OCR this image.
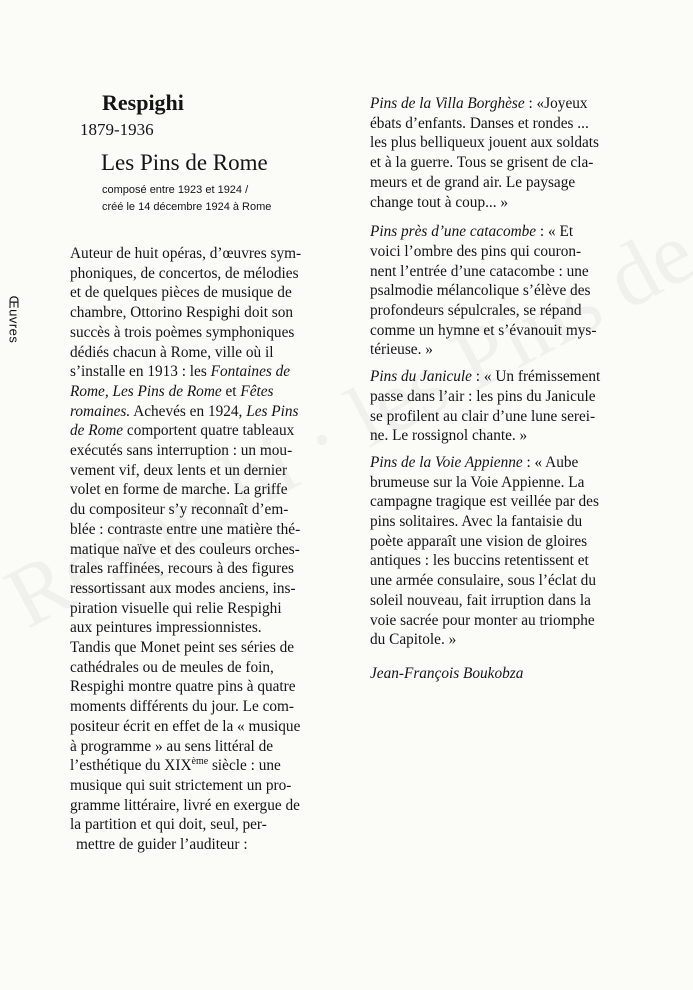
Œuvres
Respighi
1879-1936
Les Pins de Rome
composé entre 1923 et 1924 /
créé le 14 décembre 1924 à Rome
Auteur de huit opéras, d’œuvres sym-
phoniques, de concertos, de mélodies
et de quelques pièces de musique de
chambre, Ottorino Respighi doit son
succès à trois poèmes symphoniques
dédiés chacun à Rome, ville où il
s’installe en 1913 : les Fontaines de
Rome, Les Pins de Rome et Fêtes
romaines. Achevés en 1924, Les Pins
de Rome comportent quatre tableaux
exécutés sans interruption : un mou-
vement vif, deux lents et un dernier
volet en forme de marche. La griffe
du compositeur s’y reconnaît d’em-
blée : contraste entre une matière thé-
matique naïve et des couleurs orches-
trales raffinées, recours à des figures
ressortissant aux modes anciens, ins-
piration visuelle qui relie Respighi
aux peintures impressionnistes.
Tandis que Monet peint ses séries de
cathédrales ou de meules de foin,
Respighi montre quatre pins à quatre
moments différents du jour. Le com-
positeur écrit en effet de la « musique
à programme » au sens littéral de
l’esthétique du XIXème siècle : une
musique qui suit strictement un pro-
gramme littéraire, livré en exergue de
la partition et qui doit, seul, per-
mettre de guider l’auditeur :

Pins de la Villa Borghèse : «Joyeux
ébats d’enfants. Danses et rondes ...
les plus belliqueux jouent aux soldats
et à la guerre. Tous se grisent de cla-
meurs et de grand air. Le paysage
change tout à coup... »

Pins près d’une catacombe : « Et
voici l’ombre des pins qui couron-
nent l’entrée d’une catacombe : une
psalmodie mélancolique s’élève des
profondeurs sépulcrales, se répand
comme un hymne et s’évanouit mys-
térieuse. »

Pins du Janicule : « Un frémissement
passe dans l’air : les pins du Janicule
se profilent au clair d’une lune serei-
ne. Le rossignol chante. »

Pins de la Voie Appienne : « Aube
brumeuse sur la Voie Appienne. La
campagne tragique est veillée par des
pins solitaires. Avec la fantaisie du
poète apparaît une vision de gloires
antiques : les buccins retentissent et
une armée consulaire, sous l’éclat du
soleil nouveau, fait irruption dans la
voie sacrée pour monter au triomphe
du Capitole. »

Jean-François Boukobza
